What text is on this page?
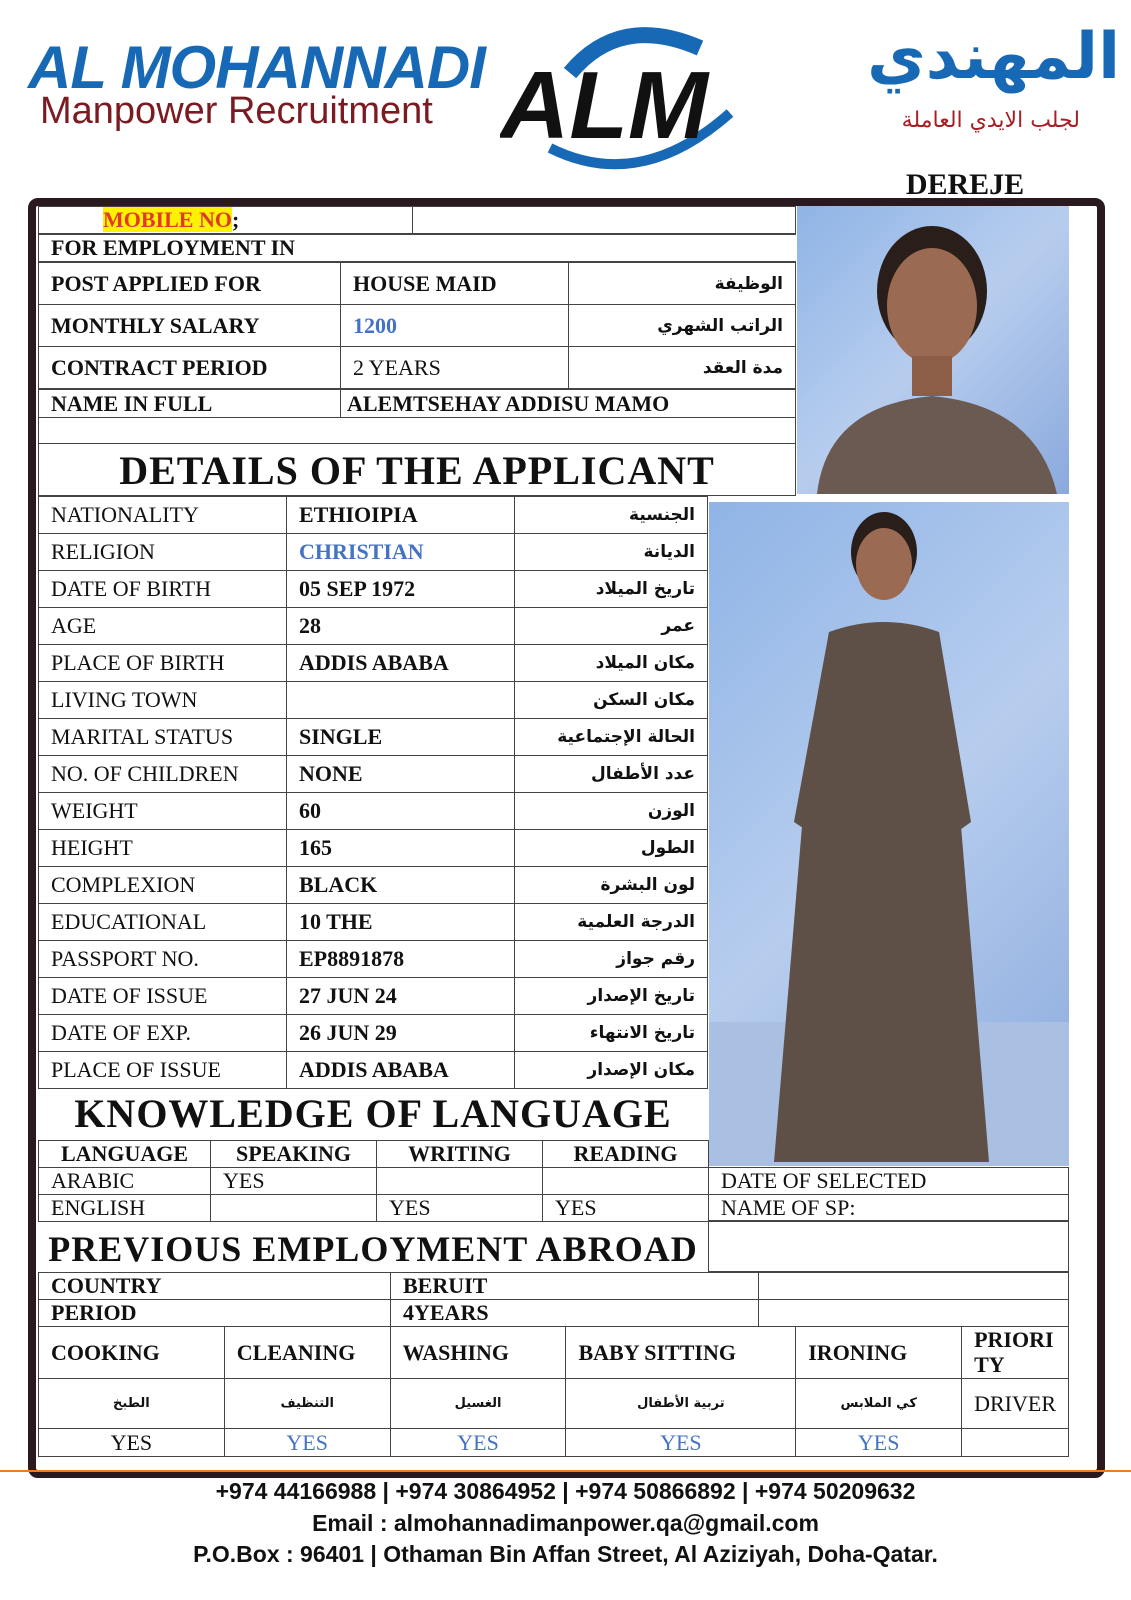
AL MOHANNADI
Manpower Recruitment ALM	المهندي
لجلب الايدي العاملة
DEREJE
MOBILE NO;	
FOR EMPLOYMENT IN
POST APPLIED FOR	HOUSE MAID	الوظيفة
MONTHLY SALARY	1200	الراتب الشهري
CONTRACT PERIOD	2 YEARS	مدة العقد
NAME IN FULL	ALEMTSEHAY ADDISU MAMO

DETAILS OF THE APPLICANT
NATIONALITY	ETHIOIPIA	الجنسية
RELIGION	CHRISTIAN	الديانة
DATE OF BIRTH	05 SEP 1972	تاريخ الميلاد
AGE	28	عمر
PLACE OF BIRTH	ADDIS ABABA	مكان الميلاد
LIVING TOWN		مكان السكن
MARITAL STATUS	SINGLE	الحالة الإجتماعية
NO. OF CHILDREN	NONE	عدد الأطفال
WEIGHT	60	الوزن
HEIGHT	165	الطول
COMPLEXION	BLACK	لون البشرة
EDUCATIONAL	10 THE	الدرجة العلمية
PASSPORT NO.	EP8891878	رقم جواز
DATE OF ISSUE	27 JUN 24	تاريخ الإصدار
DATE OF EXP.	26 JUN 29	تاريخ الانتهاء
PLACE OF ISSUE	ADDIS ABABA	مكان الإصدار
KNOWLEDGE OF LANGUAGE
LANGUAGE	SPEAKING	WRITING	READING	
ARABIC	YES			DATE OF SELECTED
ENGLISH		YES	YES	NAME OF SP:
PREVIOUS EMPLOYMENT ABROAD
COUNTRY	BERUIT	
PERIOD	4YEARS	
COOKING	CLEANING	WASHING	BABY SITTING	IRONING	PRIORI TY
الطبخ	التنظيف	الغسيل	تربية الأطفال	كي الملابس	DRIVER
YES	YES	YES	YES	YES	
+974 44166988 | +974 30864952 | +974 50866892 | +974 50209632
Email : almohannadimanpower.qa@gmail.com
P.O.Box : 96401 | Othaman Bin Affan Street, Al Aziziyah, Doha-Qatar.
